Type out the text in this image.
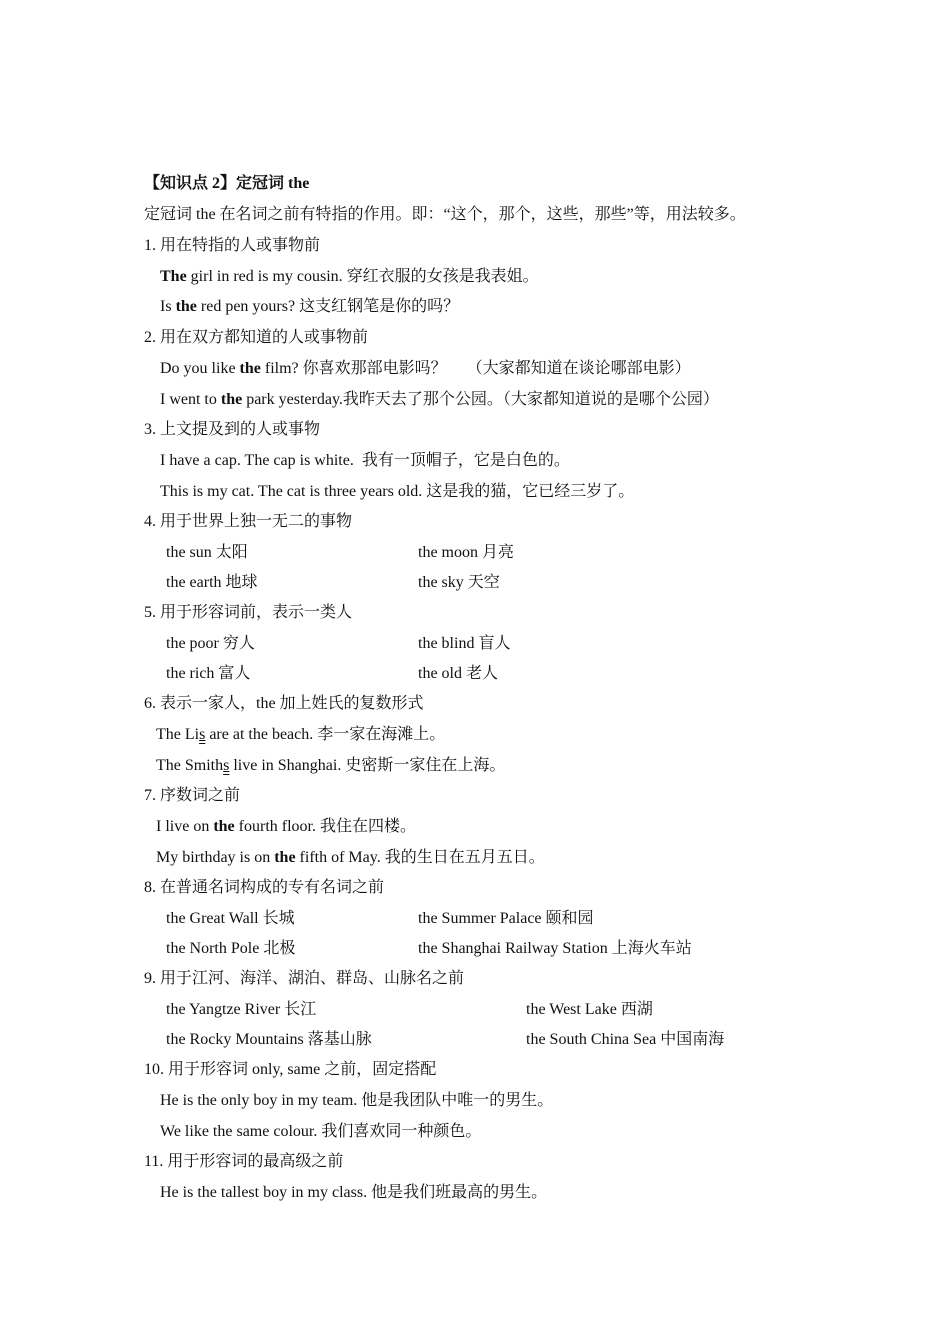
【知识点 2】定冠词 the
定冠词 the 在名词之前有特指的作用。即：“这个，那个，这些，那些”等，用法较多。
1. 用在特指的人或事物前
The girl in red is my cousin. 穿红衣服的女孩是我表姐。
Is the red pen yours? 这支红钢笔是你的吗？
2. 用在双方都知道的人或事物前
Do you like the film? 你喜欢那部电影吗？     （大家都知道在谈论哪部电影）
I went to the park yesterday.我昨天去了那个公园。（大家都知道说的是哪个公园）
3. 上文提及到的人或事物
I have a cap. The cap is white.  我有一顶帽子，它是白色的。
This is my cat. The cat is three years old. 这是我的猫，它已经三岁了。
4. 用于世界上独一无二的事物
the sun 太阳	the moon 月亮
the earth 地球	the sky 天空
5. 用于形容词前，表示一类人
the poor 穷人	the blind 盲人
the rich 富人	the old 老人
6. 表示一家人，the 加上姓氏的复数形式
The Lis are at the beach. 李一家在海滩上。
The Smiths live in Shanghai. 史密斯一家住在上海。
7. 序数词之前
I live on the fourth floor. 我住在四楼。
My birthday is on the fifth of May. 我的生日在五月五日。
8. 在普通名词构成的专有名词之前
the Great Wall 长城	the Summer Palace 颐和园
the North Pole 北极	the Shanghai Railway Station 上海火车站
9. 用于江河、海洋、湖泊、群岛、山脉名之前
the Yangtze River 长江	the West Lake 西湖
the Rocky Mountains 落基山脉	the South China Sea 中国南海
10. 用于形容词 only, same 之前，固定搭配
He is the only boy in my team. 他是我团队中唯一的男生。
We like the same colour. 我们喜欢同一种颜色。
11. 用于形容词的最高级之前
He is the tallest boy in my class. 他是我们班最高的男生。
